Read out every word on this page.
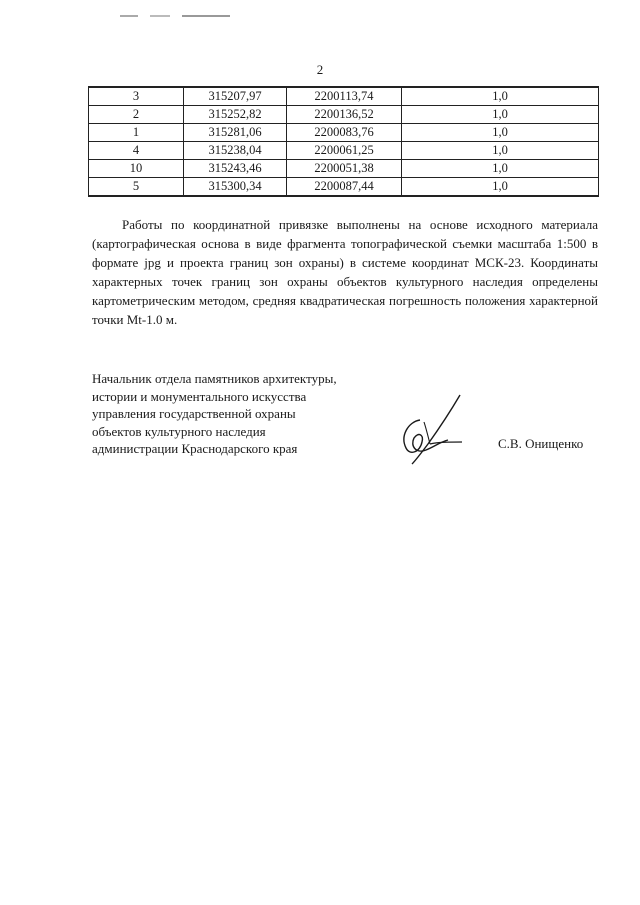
2
3	315207,97	2200113,74	1,0
2	315252,82	2200136,52	1,0
1	315281,06	2200083,76	1,0
4	315238,04	2200061,25	1,0
10	315243,46	2200051,38	1,0
5	315300,34	2200087,44	1,0

Работы по координатной привязке выполнены на основе исходного материала (картографическая основа в виде фрагмента топографической съемки масштаба 1:500 в формате jpg и проекта границ зон охраны) в системе координат МСК-23. Координаты характерных точек границ зон охраны объектов культурного наследия определены картометрическим методом, средняя квадратическая погрешность положения характерной точки Mt-1.0 м.

Начальник отдела памятников архитектуры,
истории и монументального искусства
управления государственной охраны
объектов культурного наследия
администрации Краснодарского края	С.В. Онищенко
